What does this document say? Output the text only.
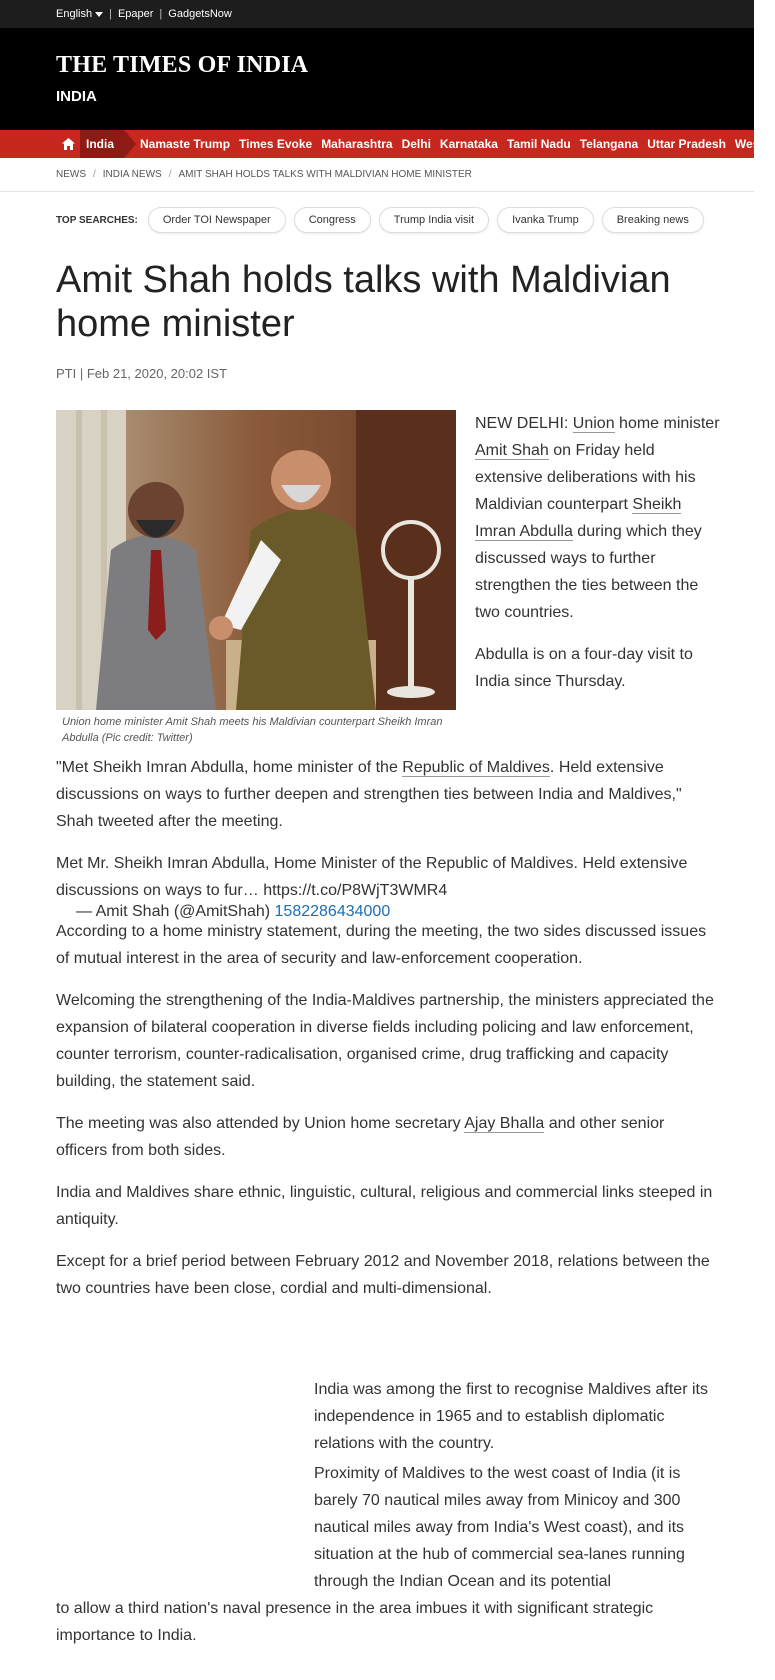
English	| Epaper | GadgetsNow
THE TIMES OF INDIA
INDIA
India	Namaste Trump Times Evoke Maharashtra Delhi Karnataka Tamil Nadu Telangana Uttar Pradesh West B
NEWS / INDIA NEWS / AMIT SHAH HOLDS TALKS WITH MALDIVIAN HOME MINISTER
TOP SEARCHES:	Order TOI Newspaper	Congress	Trump India visit	Ivanka Trump	Breaking news
Amit Shah holds talks with Maldivian home minister
PTI | Feb 21, 2020, 20:02 IST
Union home minister Amit Shah meets his Maldivian counterpart Sheikh Imran Abdulla (Pic credit: Twitter)

NEW DELHI: Union home minister Amit Shah on Friday held extensive deliberations with his Maldivian counterpart Sheikh Imran Abdulla during which they discussed ways to further strengthen the ties between the two countries.

Abdulla is on a four-day visit to India since Thursday.

"Met Sheikh Imran Abdulla, home minister of the Republic of Maldives. Held extensive discussions on ways to further deepen and strengthen ties between India and Maldives," Shah tweeted after the meeting.

Met Mr. Sheikh Imran Abdulla, Home Minister of the Republic of Maldives. Held extensive discussions on ways to fur… https://t.co/P8WjT3WMR4

— Amit Shah (@AmitShah) 1582286434000

According to a home ministry statement, during the meeting, the two sides discussed issues of mutual interest in the area of security and law-enforcement cooperation.

Welcoming the strengthening of the India-Maldives partnership, the ministers appreciated the expansion of bilateral cooperation in diverse fields including policing and law enforcement, counter terrorism, counter-radicalisation, organised crime, drug trafficking and capacity building, the statement said.

The meeting was also attended by Union home secretary Ajay Bhalla and other senior officers from both sides.

India and Maldives share ethnic, linguistic, cultural, religious and commercial links steeped in antiquity.

Except for a brief period between February 2012 and November 2018, relations between the two countries have been close, cordial and multi-dimensional.

India was among the first to recognise Maldives after its independence in 1965 and to establish diplomatic relations with the country.

Proximity of Maldives to the west coast of India (it is barely 70 nautical miles away from Minicoy and 300 nautical miles away from India's West coast), and its situation at the hub of commercial sea-lanes running through the Indian Ocean and its potential

to allow a third nation's naval presence in the area imbues it with significant strategic importance to India.
